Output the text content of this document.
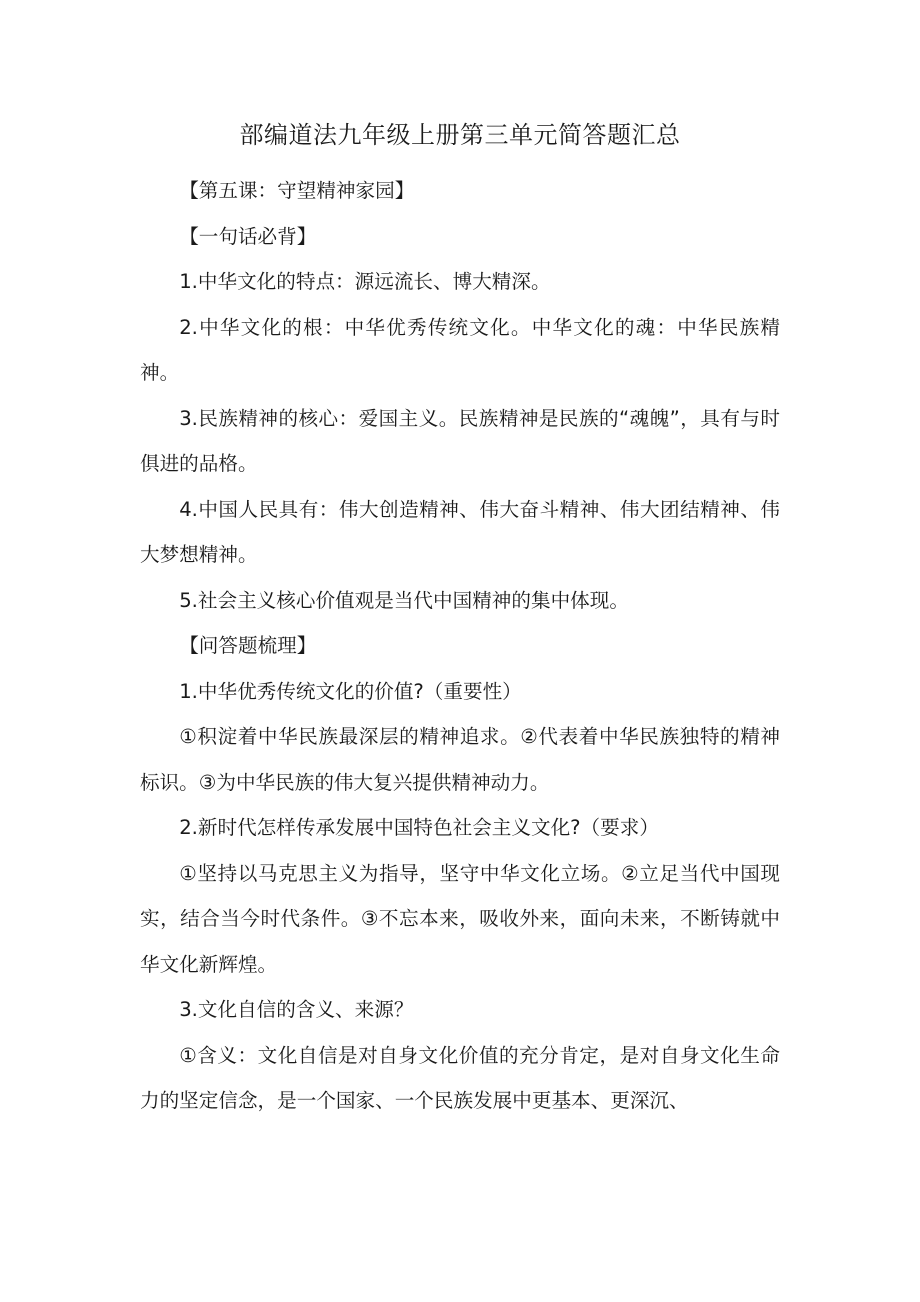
部编道法九年级上册第三单元简答题汇总

【第五课：守望精神家园】

【一句话必背】

1.中华文化的特点：源远流长、博大精深。

2.中华文化的根：中华优秀传统文化。中华文化的魂：中华民族精神。

3.民族精神的核心：爱国主义。民族精神是民族的“魂魄”，具有与时俱进的品格。

4.中国人民具有：伟大创造精神、伟大奋斗精神、伟大团结精神、伟大梦想精神。

5.社会主义核心价值观是当代中国精神的集中体现。

【问答题梳理】

1.中华优秀传统文化的价值?（重要性）

①积淀着中华民族最深层的精神追求。②代表着中华民族独特的精神标识。③为中华民族的伟大复兴提供精神动力。

2.新时代怎样传承发展中国特色社会主义文化?（要求）

①坚持以马克思主义为指导，坚守中华文化立场。②立足当代中国现实，结合当今时代条件。③不忘本来，吸收外来，面向未来，不断铸就中华文化新辉煌。

3.文化自信的含义、来源？

①含义：文化自信是对自身文化价值的充分肯定，是对自身文化生命力的坚定信念，是一个国家、一个民族发展中更基本、更深沉、
